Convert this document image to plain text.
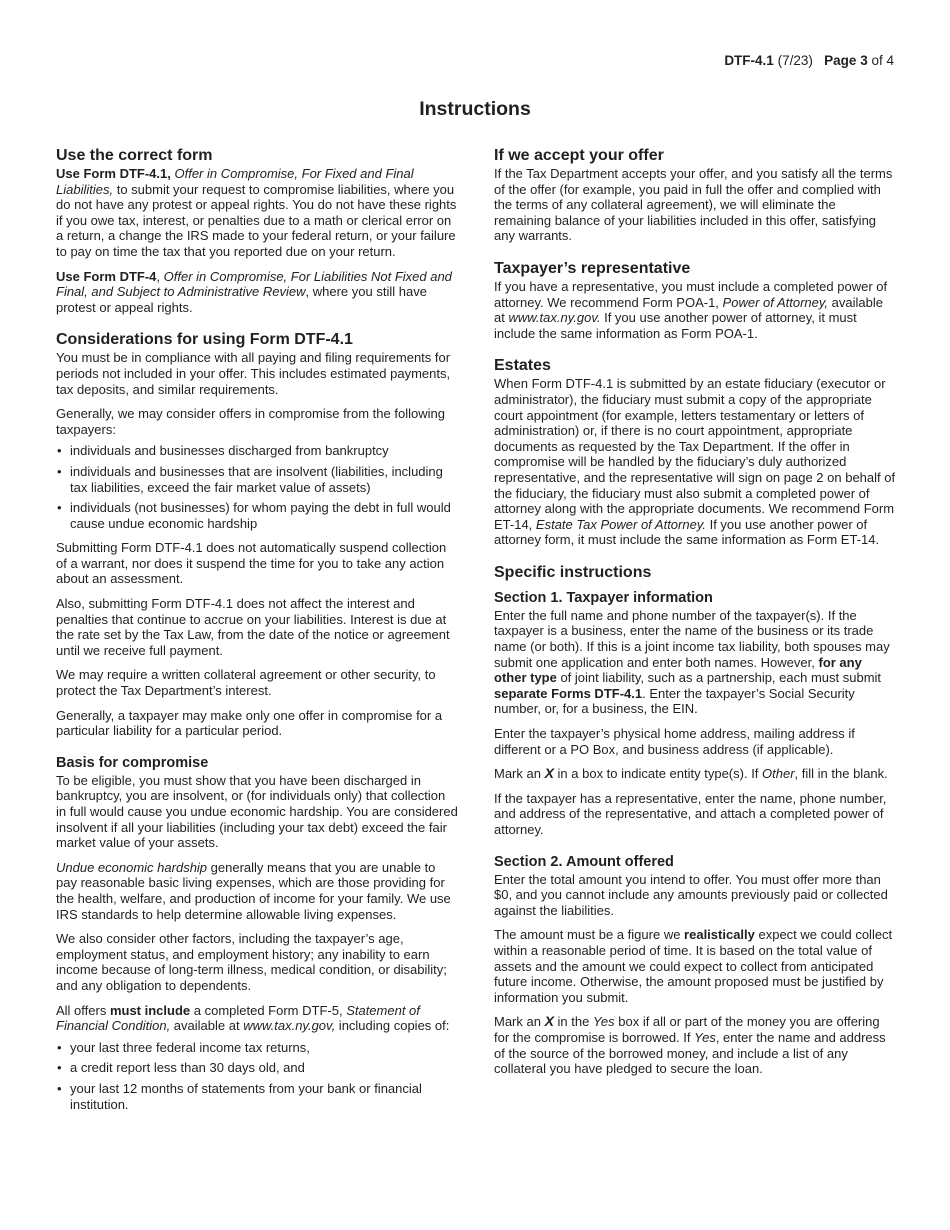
DTF-4.1 (7/23) Page 3 of 4
Instructions
Use the correct form

Use Form DTF-4.1, Offer in Compromise, For Fixed and Final Liabilities, to submit your request to compromise liabilities, where you do not have any protest or appeal rights. You do not have these rights if you owe tax, interest, or penalties due to a math or clerical error on a return, a change the IRS made to your federal return, or your failure to pay on time the tax that you reported due on your return.

Use Form DTF-4, Offer in Compromise, For Liabilities Not Fixed and Final, and Subject to Administrative Review, where you still have protest or appeal rights.

Considerations for using Form DTF-4.1

You must be in compliance with all paying and filing requirements for periods not included in your offer. This includes estimated payments, tax deposits, and similar requirements.

Generally, we may consider offers in compromise from the following taxpayers:

• individuals and businesses discharged from bankruptcy
• individuals and businesses that are insolvent (liabilities, including tax liabilities, exceed the fair market value of assets)
• individuals (not businesses) for whom paying the debt in full would cause undue economic hardship

Submitting Form DTF-4.1 does not automatically suspend collection of a warrant, nor does it suspend the time for you to take any action about an assessment.

Also, submitting Form DTF-4.1 does not affect the interest and penalties that continue to accrue on your liabilities. Interest is due at the rate set by the Tax Law, from the date of the notice or agreement until we receive full payment.

We may require a written collateral agreement or other security, to protect the Tax Department’s interest.

Generally, a taxpayer may make only one offer in compromise for a particular liability for a particular period.

Basis for compromise

To be eligible, you must show that you have been discharged in bankruptcy, you are insolvent, or (for individuals only) that collection in full would cause you undue economic hardship. You are considered insolvent if all your liabilities (including your tax debt) exceed the fair market value of your assets.

Undue economic hardship generally means that you are unable to pay reasonable basic living expenses, which are those providing for the health, welfare, and production of income for your family. We use IRS standards to help determine allowable living expenses.

We also consider other factors, including the taxpayer’s age, employment status, and employment history; any inability to earn income because of long-term illness, medical condition, or disability; and any obligation to dependents.

All offers must include a completed Form DTF-5, Statement of Financial Condition, available at www.tax.ny.gov, including copies of:

• your last three federal income tax returns,
• a credit report less than 30 days old, and
• your last 12 months of statements from your bank or financial institution.
If we accept your offer

If the Tax Department accepts your offer, and you satisfy all the terms of the offer (for example, you paid in full the offer and complied with the terms of any collateral agreement), we will eliminate the remaining balance of your liabilities included in this offer, satisfying any warrants.

Taxpayer’s representative

If you have a representative, you must include a completed power of attorney. We recommend Form POA-1, Power of Attorney, available at www.tax.ny.gov. If you use another power of attorney, it must include the same information as Form POA-1.

Estates

When Form DTF-4.1 is submitted by an estate fiduciary (executor or administrator), the fiduciary must submit a copy of the appropriate court appointment (for example, letters testamentary or letters of administration) or, if there is no court appointment, appropriate documents as requested by the Tax Department. If the offer in compromise will be handled by the fiduciary’s duly authorized representative, and the representative will sign on page 2 on behalf of the fiduciary, the fiduciary must also submit a completed power of attorney along with the appropriate documents. We recommend Form ET-14, Estate Tax Power of Attorney. If you use another power of attorney form, it must include the same information as Form ET-14.

Specific instructions
Section 1. Taxpayer information

Enter the full name and phone number of the taxpayer(s). If the taxpayer is a business, enter the name of the business or its trade name (or both). If this is a joint income tax liability, both spouses may submit one application and enter both names. However, for any other type of joint liability, such as a partnership, each must submit separate Forms DTF-4.1. Enter the taxpayer’s Social Security number, or, for a business, the EIN.

Enter the taxpayer’s physical home address, mailing address if different or a PO Box, and business address (if applicable).

Mark an X in a box to indicate entity type(s). If Other, fill in the blank.

If the taxpayer has a representative, enter the name, phone number, and address of the representative, and attach a completed power of attorney.

Section 2. Amount offered

Enter the total amount you intend to offer. You must offer more than $0, and you cannot include any amounts previously paid or collected against the liabilities.

The amount must be a figure we realistically expect we could collect within a reasonable period of time. It is based on the total value of assets and the amount we could expect to collect from anticipated future income. Otherwise, the amount proposed must be justified by information you submit.

Mark an X in the Yes box if all or part of the money you are offering for the compromise is borrowed. If Yes, enter the name and address of the source of the borrowed money, and include a list of any collateral you have pledged to secure the loan.
